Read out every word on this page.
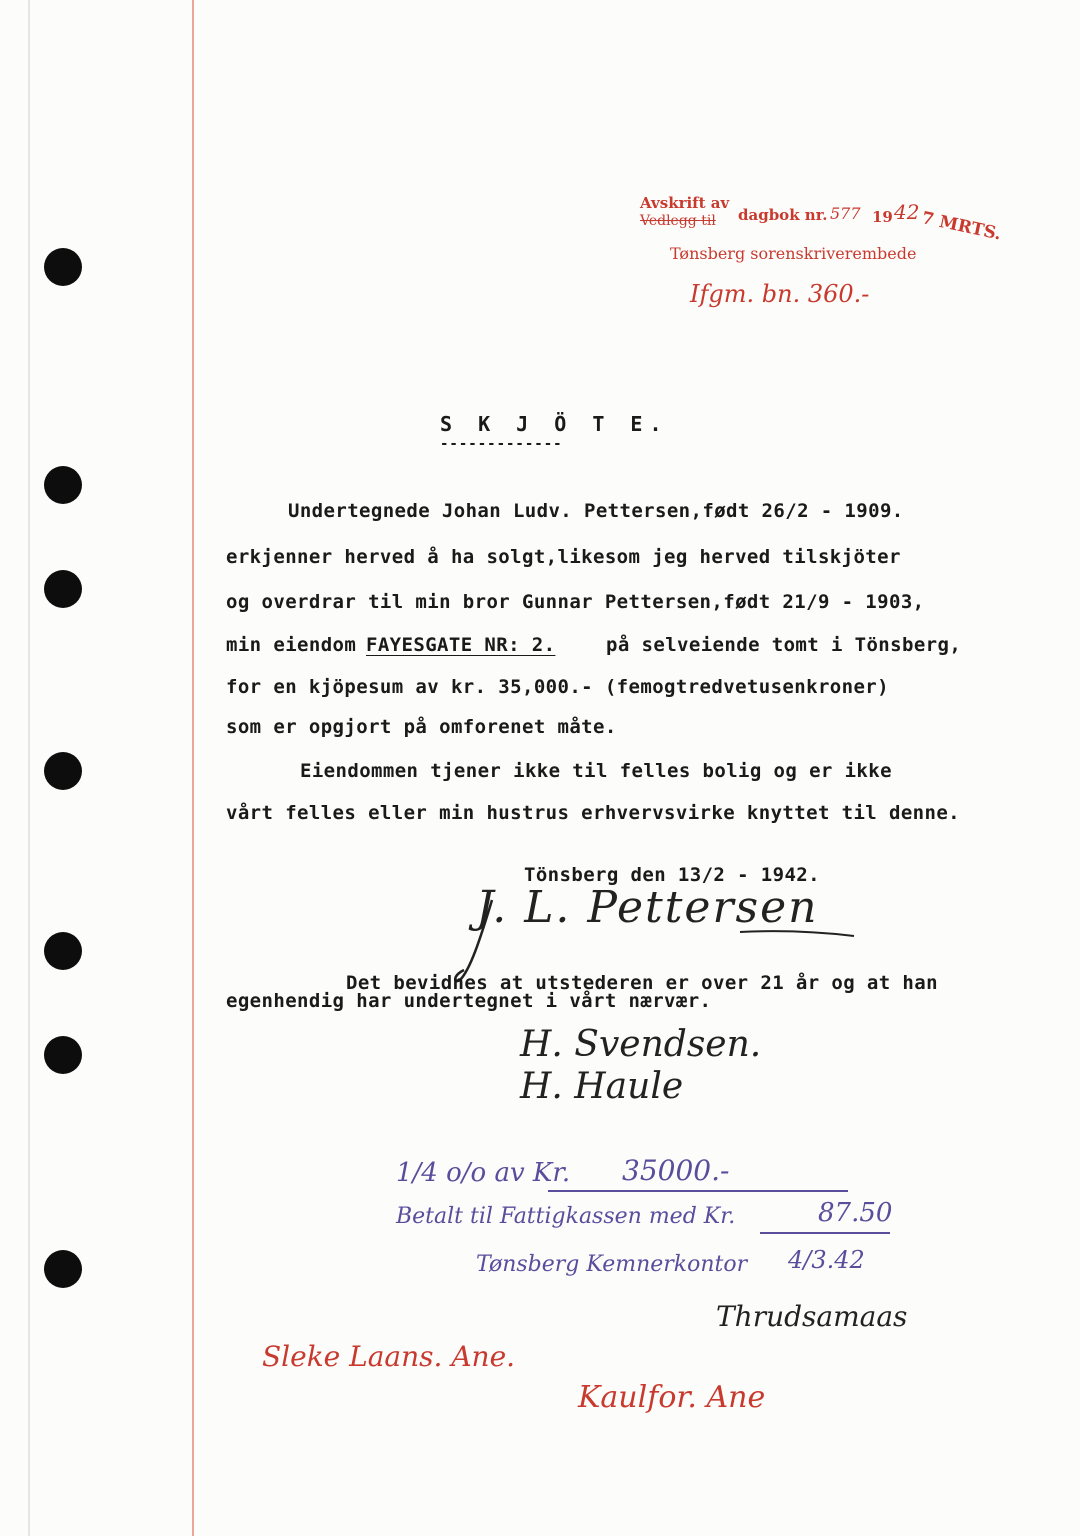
Avskrift av
Vedlegg til dagbok nr. 577 19 42 7 MRTS.
Tønsberg sorenskriverembede
Ifgm. bn. 360.-
S K J Ö T E.
-------------
Undertegnede Johan Ludv. Pettersen,født 26/2 - 1909.
erkjenner herved å ha solgt,likesom jeg herved tilskjöter
og overdrar til min bror Gunnar Pettersen,født 21/9 - 1903,
min eiendom FAYESGATE NR: 2.	på selveiende tomt i Tönsberg,
for en kjöpesum av kr. 35,000.- (femogtredvetusenkroner)
som er opgjort på omforenet måte.
Eiendommen tjener ikke til felles bolig og er ikke
vårt felles eller min hustrus erhvervsvirke knyttet til denne.
Tönsberg den 13/2 - 1942.
J. L. Pettersen
Det bevidnes at utstederen er over 21 år og at han
egenhendig har undertegnet i vårt nærvær.
H. Svendsen.
H. Haule
1/4 o/o av Kr. 35000.-
Betalt til Fattigkassen med Kr.	87.50
Tønsberg Kemnerkontor 4/3.42
Thrudsamaas
Sleke Laans. Ane.
Kaulfor. Ane
